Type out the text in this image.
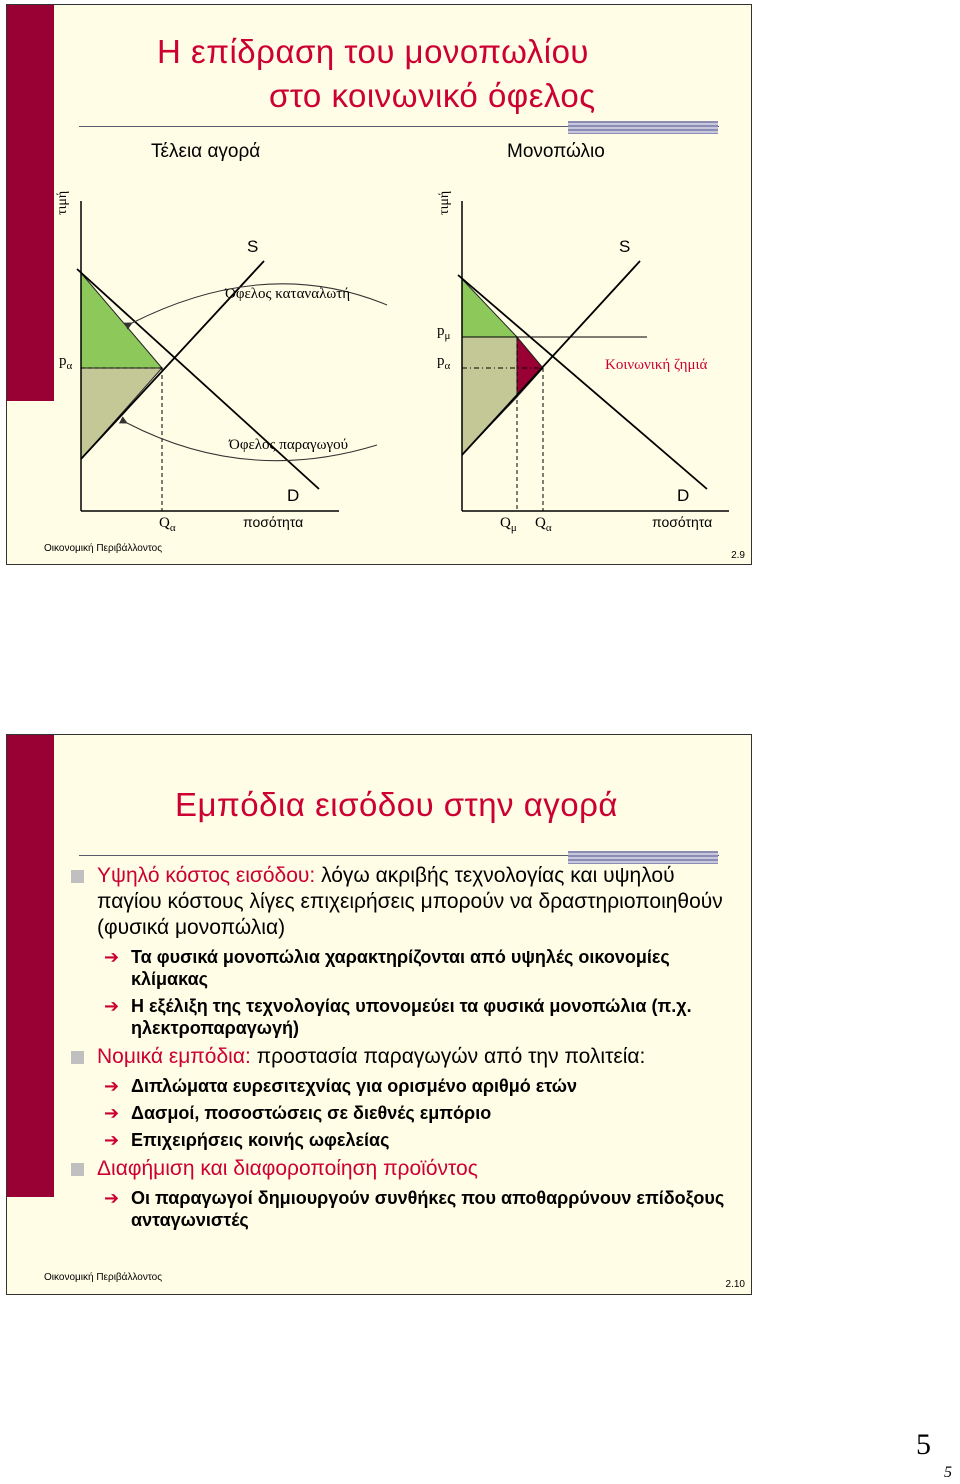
Η επίδραση του μονοπωλίου
στο κοινωνικό όφελος
Τέλεια αγορά	Μονοπώλιο
τιμή
S
Όφελος καταναλωτή
$p_\alpha$
Όφελος παραγωγού
D
$Q_\alpha$	ποσότητα
τιμή
S
$p_\mu$
$p_\alpha$	Κοινωνική ζημιά
D
$Q_\mu$ $Q_\alpha$	ποσότητα
Οικονομική Περιβάλλοντος
2.9
Εμπόδια εισόδου στην αγορά
Υψηλό κόστος εισόδου: λόγω ακριβής τεχνολογίας και υψηλού παγίου κόστους λίγες επιχειρήσεις μπορούν να δραστηριοποιηθούν (φυσικά μονοπώλια)
➔ Τα φυσικά μονοπώλια χαρακτηρίζονται από υψηλές οικονομίες κλίμακας
➔ Η εξέλιξη της τεχνολογίας υπονομεύει τα φυσικά μονοπώλια (π.χ. ηλεκτροπαραγωγή)
Νομικά εμπόδια: προστασία παραγωγών από την πολιτεία:
➔ Διπλώματα ευρεσιτεχνίας για ορισμένο αριθμό ετών
➔ Δασμοί, ποσοστώσεις σε διεθνές εμπόριο
➔ Επιχειρήσεις κοινής ωφελείας
Διαφήμιση και διαφοροποίηση προϊόντος
➔ Οι παραγωγοί δημιουργούν συνθήκες που αποθαρρύνουν επίδοξους ανταγωνιστές
Οικονομική Περιβάλλοντος
2.10
5
5
